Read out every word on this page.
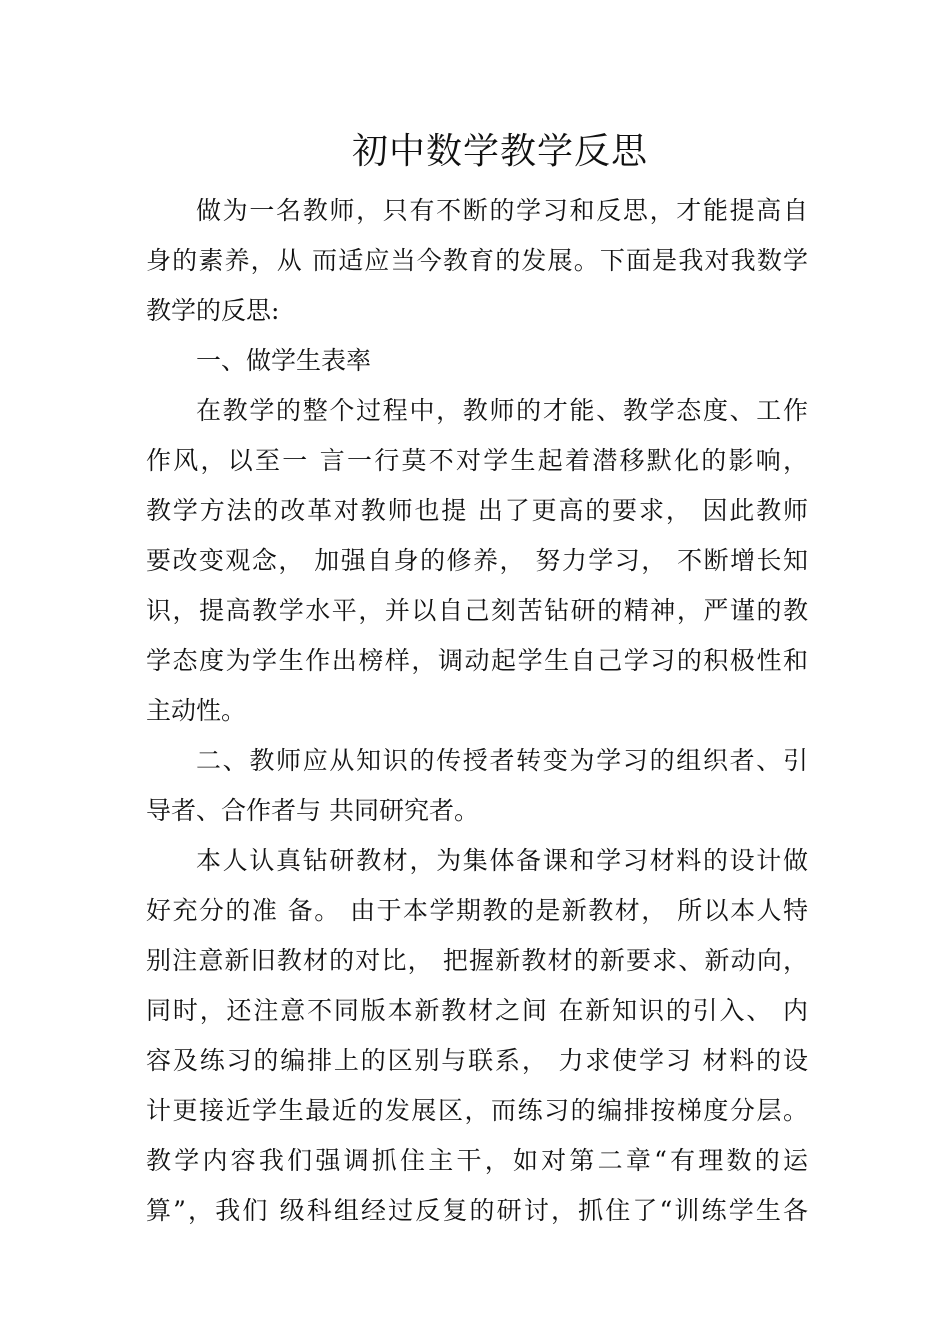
初中数学教学反思
做为一名教师，只有不断的学习和反思，才能提高自
身的素养，从 而适应当今教育的发展。下面是我对我数学
教学的反思:
一、做学生表率
在教学的整个过程中，教师的才能、教学态度、工作
作风，以至一 言一行莫不对学生起着潜移默化的影响，
教学方法的改革对教师也提 出了更高的要求， 因此教师
要改变观念， 加强自身的修养， 努力学习， 不断增长知
识，提高教学水平，并以自己刻苦钻研的精神，严谨的教
学态度为学生作出榜样，调动起学生自己学习的积极性和
主动性。
二、教师应从知识的传授者转变为学习的组织者、引
导者、合作者与 共同研究者。
本人认真钻研教材，为集体备课和学习材料的设计做
好充分的准 备。 由于本学期教的是新教材， 所以本人特
别注意新旧教材的对比， 把握新教材的新要求、新动向，
同时，还注意不同版本新教材之间 在新知识的引入、 内
容及练习的编排上的区别与联系， 力求使学习 材料的设
计更接近学生最近的发展区，而练习的编排按梯度分层。
教学内容我们强调抓住主干，如对第二章“有理数的运
算”，我们 级科组经过反复的研讨，抓住了“训练学生各
